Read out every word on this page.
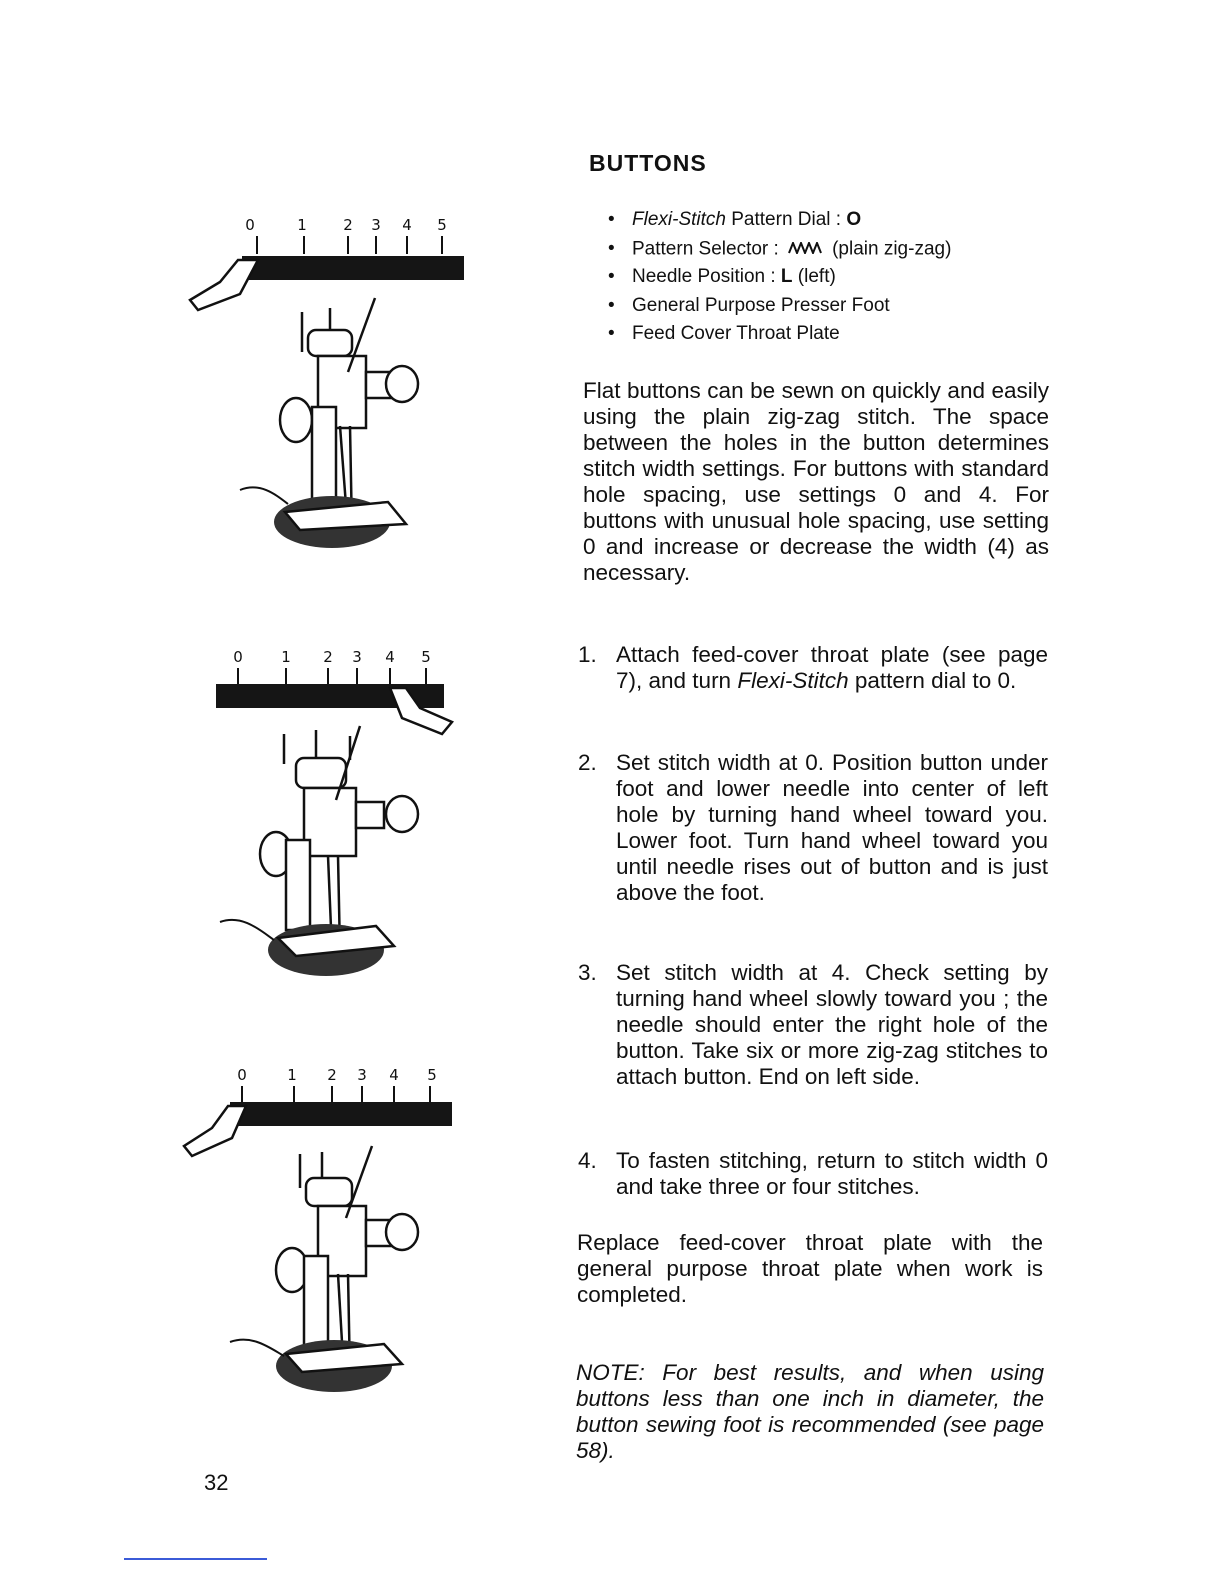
0	1 2 3 4 5
0	1 2 3 4 5
0	1 2 3 4 5
BUTTONS
• Flexi-Stitch Pattern Dial : O
• Pattern Selector :	(plain zig-zag)
• Needle Position : L (left)
• General Purpose Presser Foot
• Feed Cover Throat Plate

Flat buttons can be sewn on quickly and easily using the plain zig-zag stitch. The space between the holes in the button determines stitch width settings. For buttons with standard hole spacing, use settings 0 and 4. For buttons with unusual hole spacing, use setting 0 and increase or decrease the width (4) as necessary.

1. Attach feed-cover throat plate (see page 7), and turn Flexi-Stitch pattern dial to 0.
2. Set stitch width at 0. Position button under foot and lower needle into center of left hole by turning hand wheel toward you. Lower foot. Turn hand wheel toward you until needle rises out of button and is just above the foot.
3. Set stitch width at 4. Check setting by turning hand wheel slowly toward you ; the needle should enter the right hole of the button. Take six or more zig-zag stitches to attach button. End on left side.
4. To fasten stitching, return to stitch width 0 and take three or four stitches.

Replace feed-cover throat plate with the general purpose throat plate when work is completed.

NOTE: For best results, and when using buttons less than one inch in diameter, the button sewing foot is recommended (see page 58).

32
